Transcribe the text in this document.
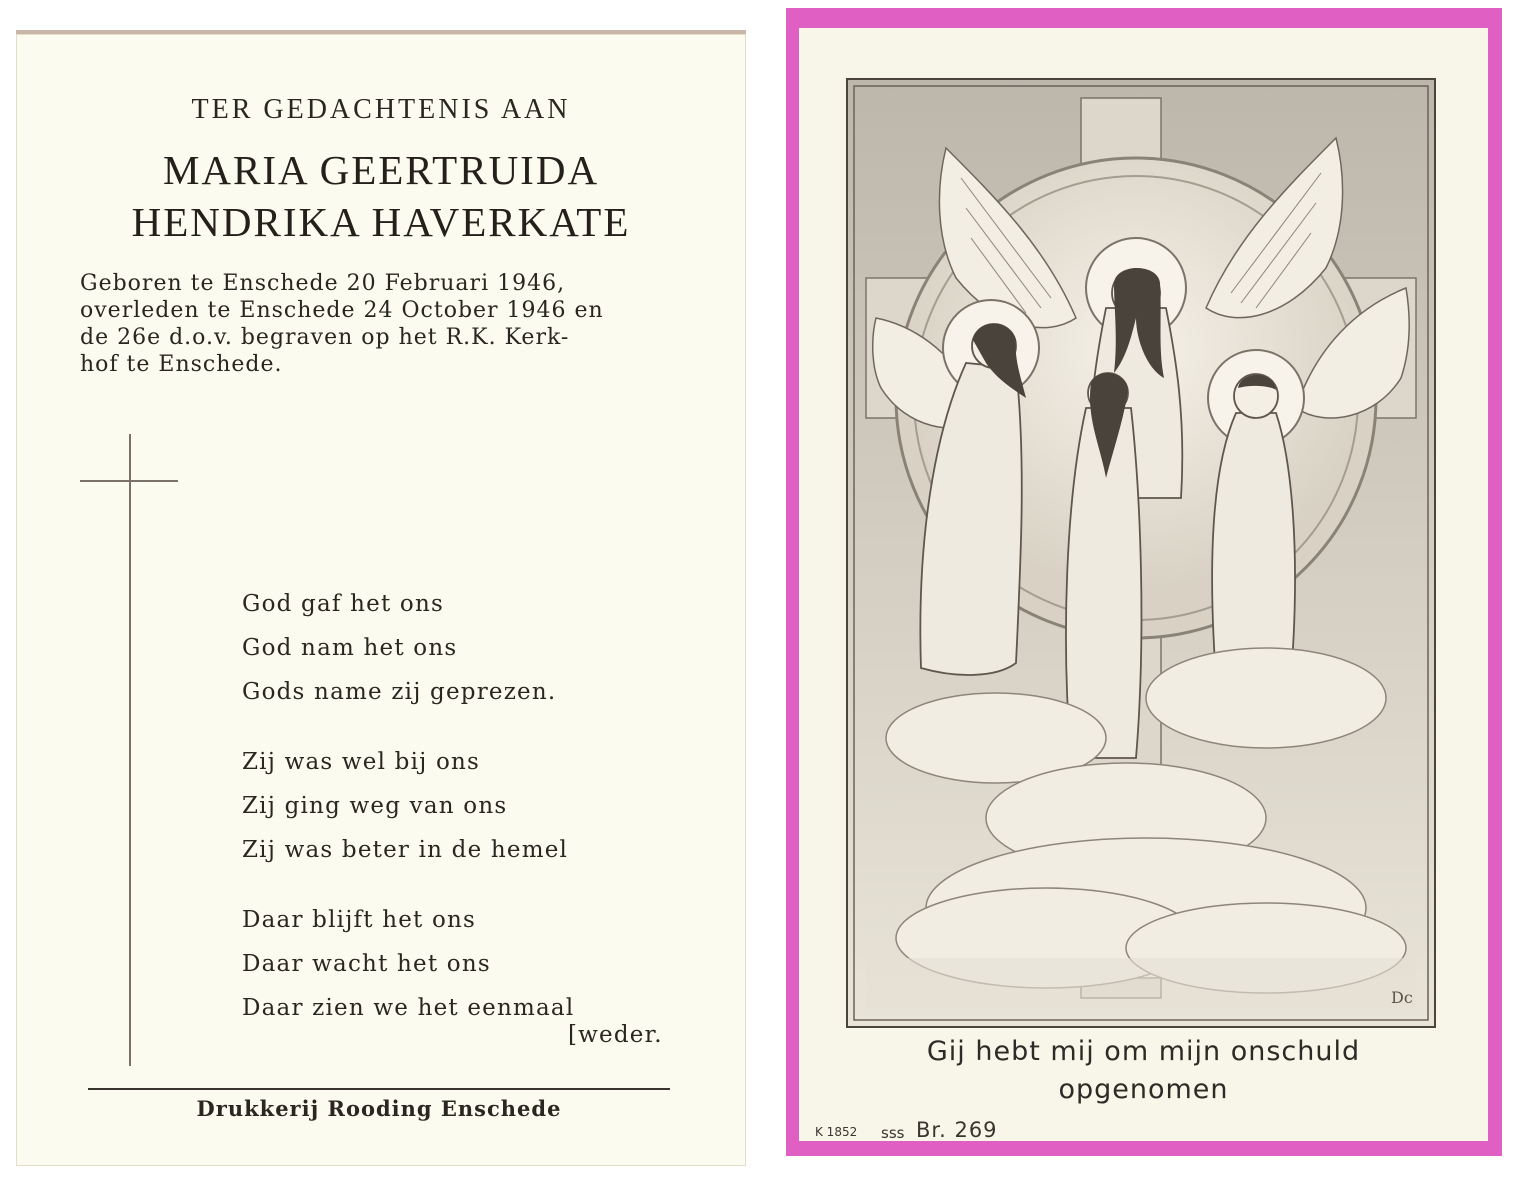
TER GEDACHTENIS AAN
MARIA GEERTRUIDA
HENDRIKA HAVERKATE
Geboren te Enschede 20 Februari 1946,
overleden te Enschede 24 October 1946 en
de 26e d.o.v. begraven op het R.K. Kerk-
hof te Enschede.
God gaf het ons
God nam het ons
Gods name zij geprezen.
Zij was wel bij ons
Zij ging weg van ons
Zij was beter in de hemel
Daar blijft het ons
Daar wacht het ons
Daar zien we het eenmaal
[weder.
Drukkerij Rooding Enschede
Dc
Gij hebt mij om mijn onschuld
opgenomen
K 1852 sss Br. 269
